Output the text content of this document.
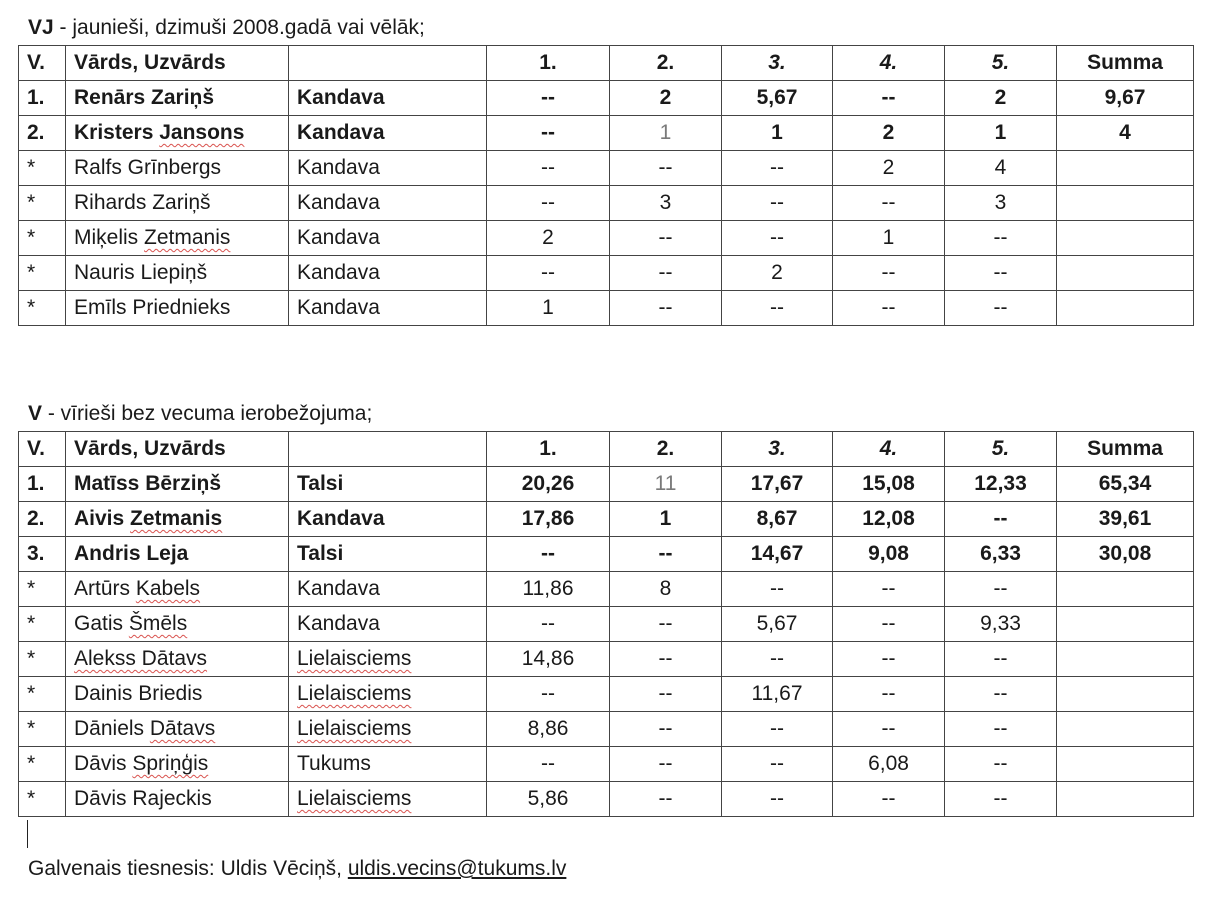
VJ - jaunieši, dzimuši 2008.gadā vai vēlāk;
V.	Vārds, Uzvārds		1.	2.	3.	4.	5.	Summa
1.	Renārs Zariņš	Kandava	--	2	5,67	--	2	9,67
2.	Kristers Jansons	Kandava	--	1	1	2	1	4
*	Ralfs Grīnbergs	Kandava	--	--	--	2	4	
*	Rihards Zariņš	Kandava	--	3	--	--	3	
*	Miķelis Zetmanis	Kandava	2	--	--	1	--	
*	Nauris Liepiņš	Kandava	--	--	2	--	--	
*	Emīls Priednieks	Kandava	1	--	--	--	--	
V - vīrieši bez vecuma ierobežojuma;
V.	Vārds, Uzvārds		1.	2.	3.	4.	5.	Summa
1.	Matīss Bērziņš	Talsi	20,26	11	17,67	15,08	12,33	65,34
2.	Aivis Zetmanis	Kandava	17,86	1	8,67	12,08	--	39,61
3.	Andris Leja	Talsi	--	--	14,67	9,08	6,33	30,08
*	Artūrs Kabels	Kandava	11,86	8	--	--	--	
*	Gatis Šmēls	Kandava	--	--	5,67	--	9,33	
*	Alekss Dātavs	Lielaisciems	14,86	--	--	--	--	
*	Dainis Briedis	Lielaisciems	--	--	11,67	--	--	
*	Dāniels Dātavs	Lielaisciems	8,86	--	--	--	--	
*	Dāvis Spriņģis	Tukums	--	--	--	6,08	--	
*	Dāvis Rajeckis	Lielaisciems	5,86	--	--	--	--	
Galvenais tiesnesis: Uldis Vēciņš, uldis.vecins@tukums.lv
